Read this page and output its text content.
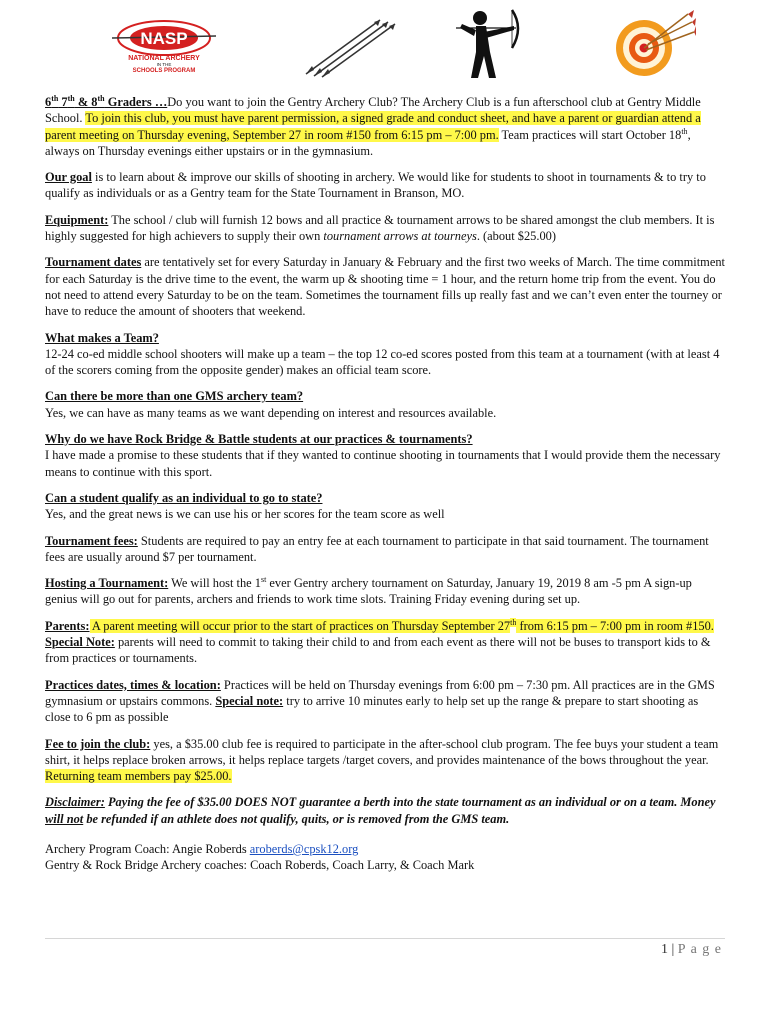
NASP
NATIONAL ARCHERY
IN THE
SCHOOLS PROGRAM

6th 7th & 8th Graders …Do you want to join the Gentry Archery Club? The Archery Club is a fun afterschool club at Gentry Middle School. To join this club, you must have parent permission, a signed grade and conduct sheet, and have a parent or guardian attend a parent meeting on Thursday evening, September 27 in room #150 from 6:15 pm – 7:00 pm. Team practices will start October 18th, always on Thursday evenings either upstairs or in the gymnasium.

Our goal is to learn about & improve our skills of shooting in archery. We would like for students to shoot in tournaments & to try to qualify as individuals or as a Gentry team for the State Tournament in Branson, MO.

Equipment: The school / club will furnish 12 bows and all practice & tournament arrows to be shared amongst the club members. It is highly suggested for high achievers to supply their own tournament arrows at tourneys. (about $25.00)

Tournament dates are tentatively set for every Saturday in January & February and the first two weeks of March. The time commitment for each Saturday is the drive time to the event, the warm up & shooting time = 1 hour, and the return home trip from the event. You do not need to attend every Saturday to be on the team. Sometimes the tournament fills up really fast and we can’t even enter the tourney or have to reduce the amount of shooters that weekend.

What makes a Team?
12-24 co-ed middle school shooters will make up a team – the top 12 co-ed scores posted from this team at a tournament (with at least 4 of the scorers coming from the opposite gender) makes an official team score.

Can there be more than one GMS archery team?
Yes, we can have as many teams as we want depending on interest and resources available.

Why do we have Rock Bridge & Battle students at our practices & tournaments?
I have made a promise to these students that if they wanted to continue shooting in tournaments that I would provide them the necessary means to continue with this sport.

Can a student qualify as an individual to go to state?
Yes, and the great news is we can use his or her scores for the team score as well

Tournament fees: Students are required to pay an entry fee at each tournament to participate in that said tournament. The tournament fees are usually around $7 per tournament.

Hosting a Tournament: We will host the 1st ever Gentry archery tournament on Saturday, January 19, 2019 8 am -5 pm A sign-up genius will go out for parents, archers and friends to work time slots. Training Friday evening during set up.

Parents: A parent meeting will occur prior to the start of practices on Thursday September 27th from 6:15 pm – 7:00 pm in room #150. Special Note: parents will need to commit to taking their child to and from each event as there will not be buses to transport kids to & from practices or tournaments.

Practices dates, times & location: Practices will be held on Thursday evenings from 6:00 pm – 7:30 pm. All practices are in the GMS gymnasium or upstairs commons. Special note: try to arrive 10 minutes early to help set up the range & prepare to start shooting as close to 6 pm as possible

Fee to join the club: yes, a $35.00 club fee is required to participate in the after-school club program. The fee buys your student a team shirt, it helps replace broken arrows, it helps replace targets /target covers, and provides maintenance of the bows throughout the year. Returning team members pay $25.00.

Disclaimer: Paying the fee of $35.00 DOES NOT guarantee a berth into the state tournament as an individual or on a team. Money will not be refunded if an athlete does not qualify, quits, or is removed from the GMS team.

Archery Program Coach: Angie Roberds aroberds@cpsk12.org

Gentry & Rock Bridge Archery coaches: Coach Roberds, Coach Larry, & Coach Mark

1 | P a g e
